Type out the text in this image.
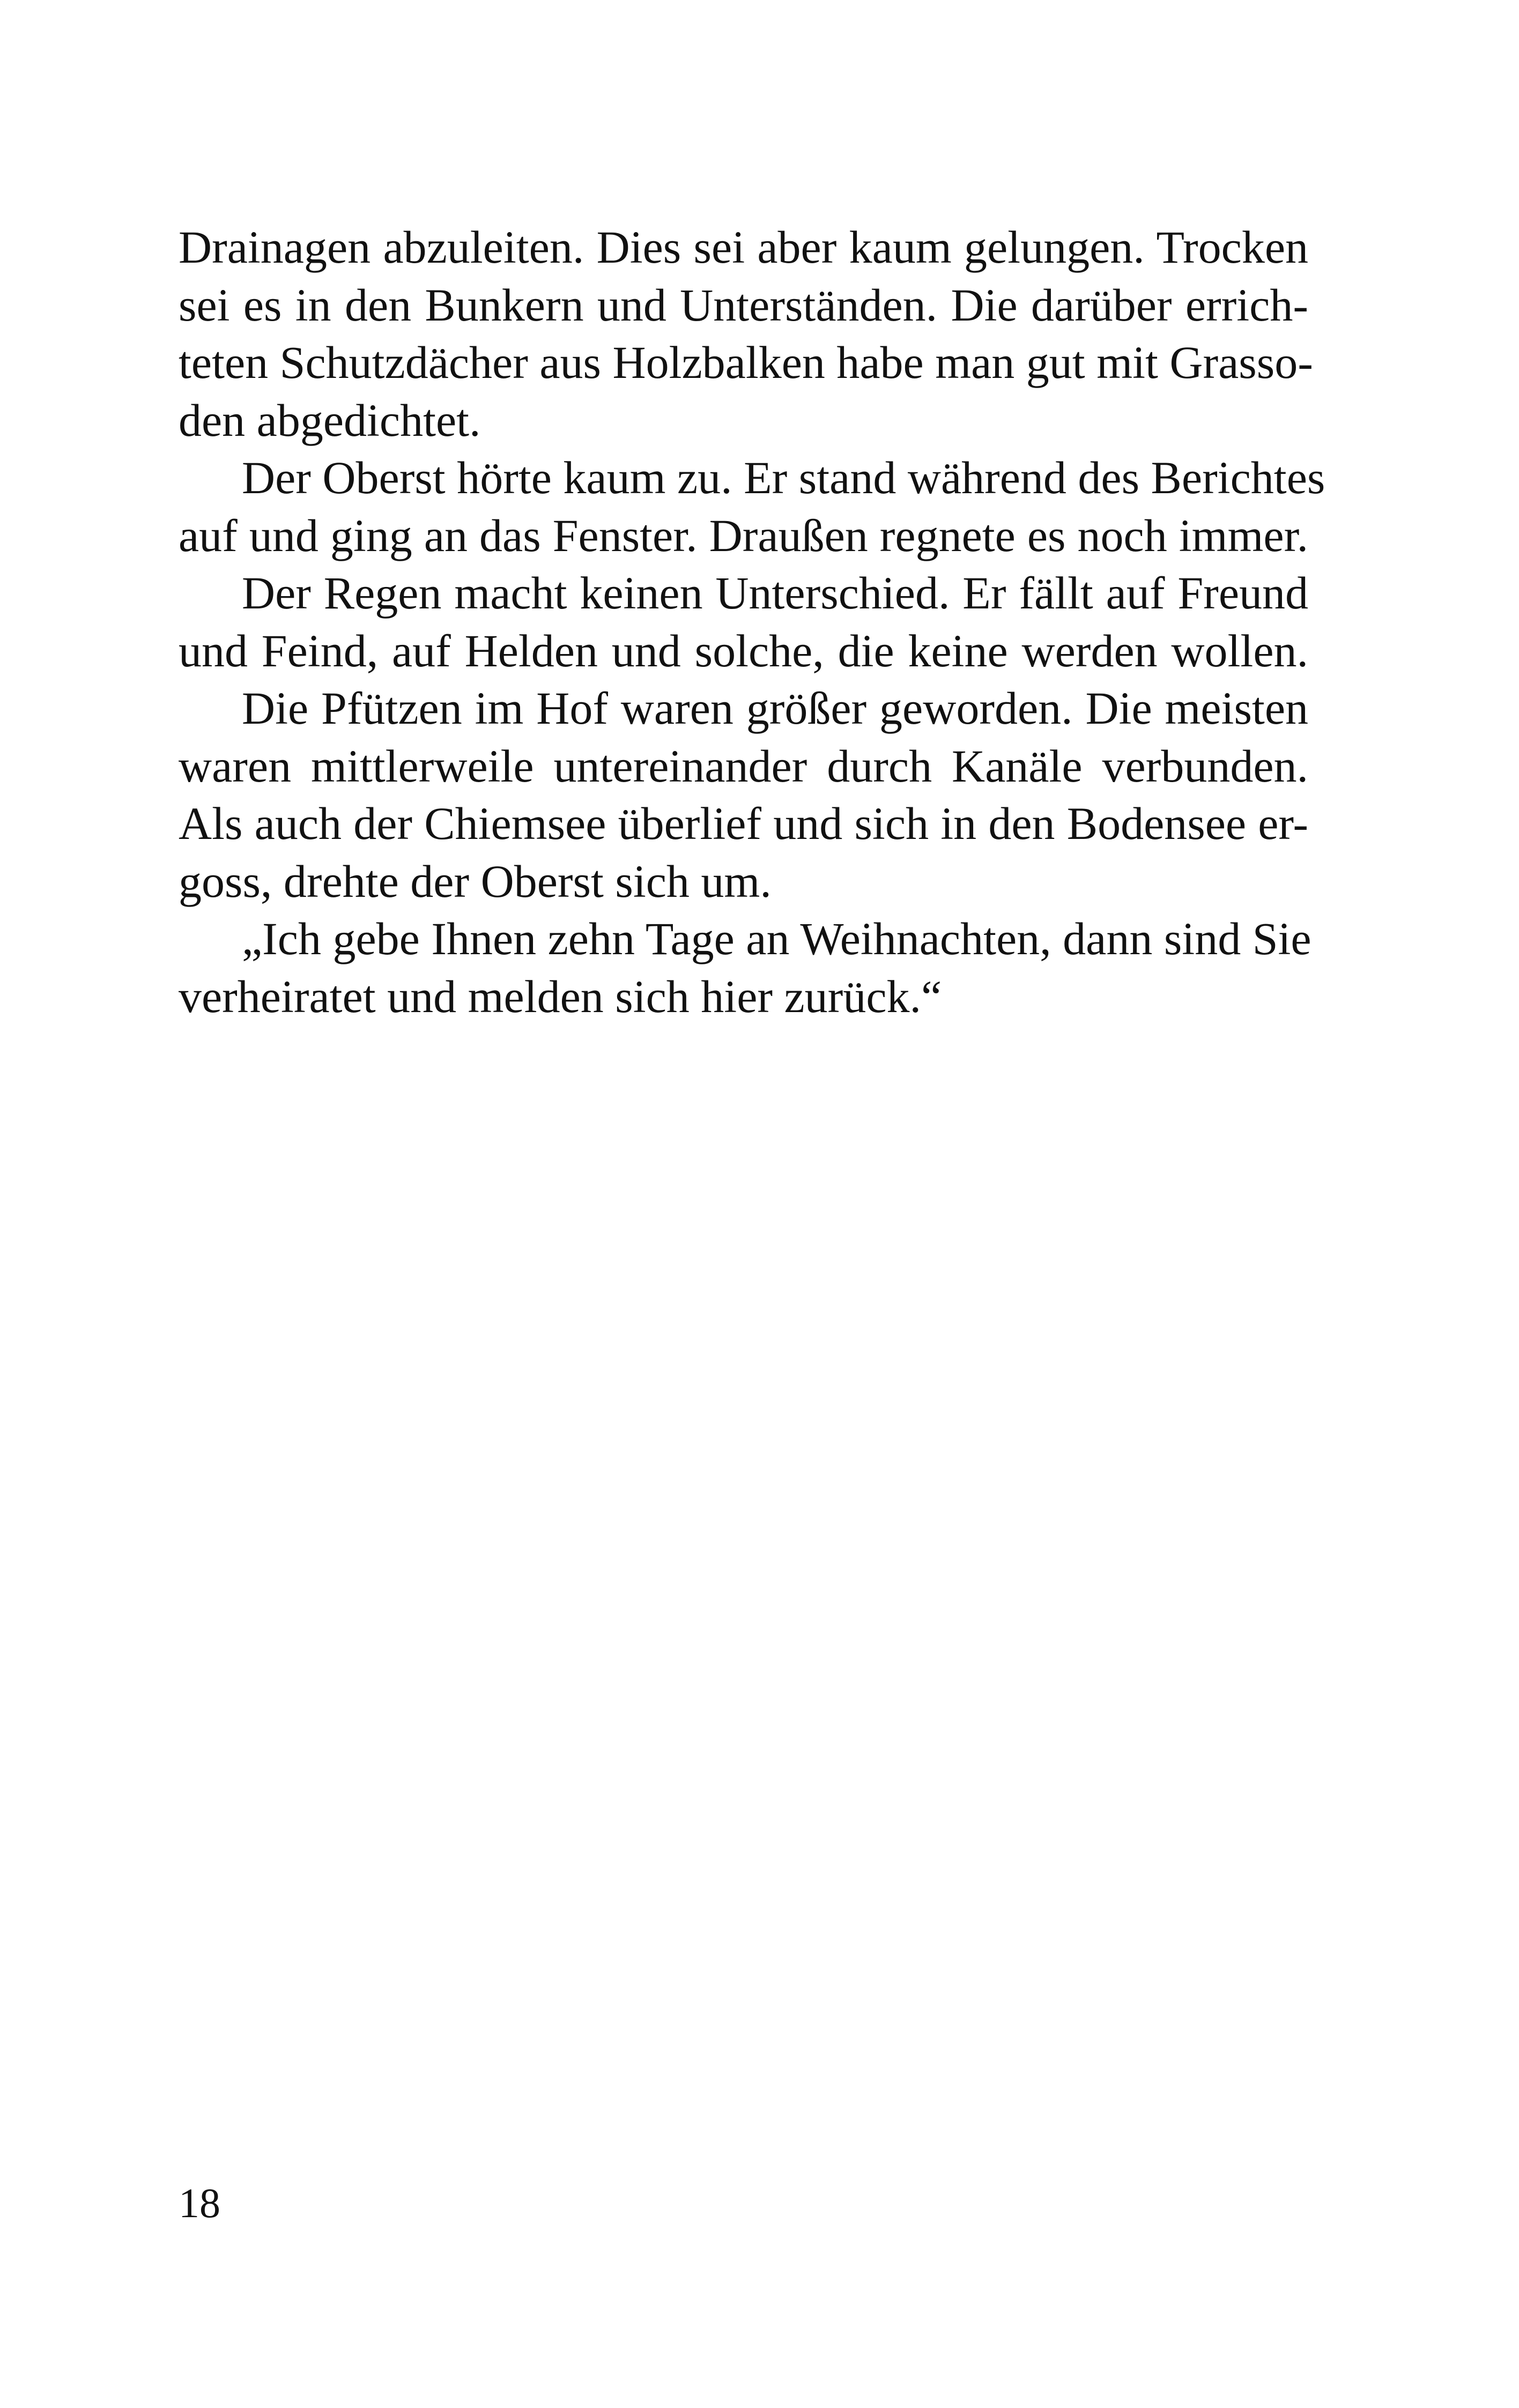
Drainagen abzuleiten. Dies sei aber kaum gelungen. Trocken
sei es in den Bunkern und Unterständen. Die darüber errich-
teten Schutzdächer aus Holzbalken habe man gut mit Grasso-
den abgedichtet.
Der Oberst hörte kaum zu. Er stand während des Berichtes
auf und ging an das Fenster. Draußen regnete es noch immer.
Der Regen macht keinen Unterschied. Er fällt auf Freund
und Feind, auf Helden und solche, die keine werden wollen.
Die Pfützen im Hof waren größer geworden. Die meisten
waren mittlerweile untereinander durch Kanäle verbunden.
Als auch der Chiemsee überlief und sich in den Bodensee er-
goss, drehte der Oberst sich um.
„Ich gebe Ihnen zehn Tage an Weihnachten, dann sind Sie
verheiratet und melden sich hier zurück.“
18
